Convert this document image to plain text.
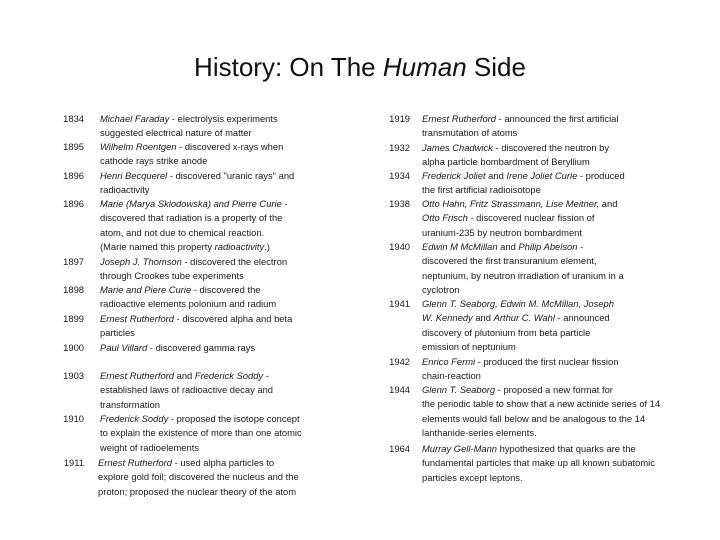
History: On The Human Side
1834 Michael Faraday - electrolysis experiments
suggested electrical nature of matter
1895 Wilhelm Roentgen - discovered x-rays when
cathode rays strike anode
1896 Henri Becquerel - discovered "uranic rays" and
radioactivity
1896 Marie (Marya Sklodowska) and Pierre Curie -
discovered that radiation is a property of the
atom, and not due to chemical reaction.
(Marie named this property radioactivity.)
1897 Joseph J. Thomson - discovered the electron
through Crookes tube experiments
1898 Marie and Piere Curie - discovered the
radioactive elements polonium and radium
1899 Ernest Rutherford - discovered alpha and beta
particles
1900 Paul Villard - discovered gamma rays
1903 Ernest Rutherford and Frederick Soddy -
established laws of radioactive decay and
transformation
1910 Frederick Soddy - proposed the isotope concept
to explain the existence of more than one atomic
weight of radioelements
1911 Ernest Rutherford - used alpha particles to
explore gold foil; discovered the nucleus and the
proton; proposed the nuclear theory of the atom
1919 Ernest Rutherford - announced the first artificial
transmutation of atoms
1932 James Chadwick - discovered the neutron by
alpha particle bombardment of Beryllium
1934 Frederick Joliet and Irene Joliet Curie - produced
the first artificial radioisotope
1938 Otto Hahn, Fritz Strassmann, Lise Meitner, and
Otto Frisch - discovered nuclear fission of
uranium-235 by neutron bombardment
1940 Edwin M McMillan and Philip Abelson -
discovered the first transuranium element,
neptunium, by neutron irradiation of uranium in a
cyclotron
1941 Glenn T. Seaborg, Edwin M. McMillan, Joseph
W. Kennedy and Arthur C. Wahl - announced
discovery of plutonium from beta particle
emission of neptunium
1942 Enrico Fermi - produced the first nuclear fission
chain-reaction
1944 Glenn T. Seaborg - proposed a new format for
the periodic table to show that a new actinide series of 14
elements would fall below and be analogous to the 14
lanthanide-series elements.
1964 Murray Gell-Mann hypothesized that quarks are the
fundamental particles that make up all known subatomic
particles except leptons.
